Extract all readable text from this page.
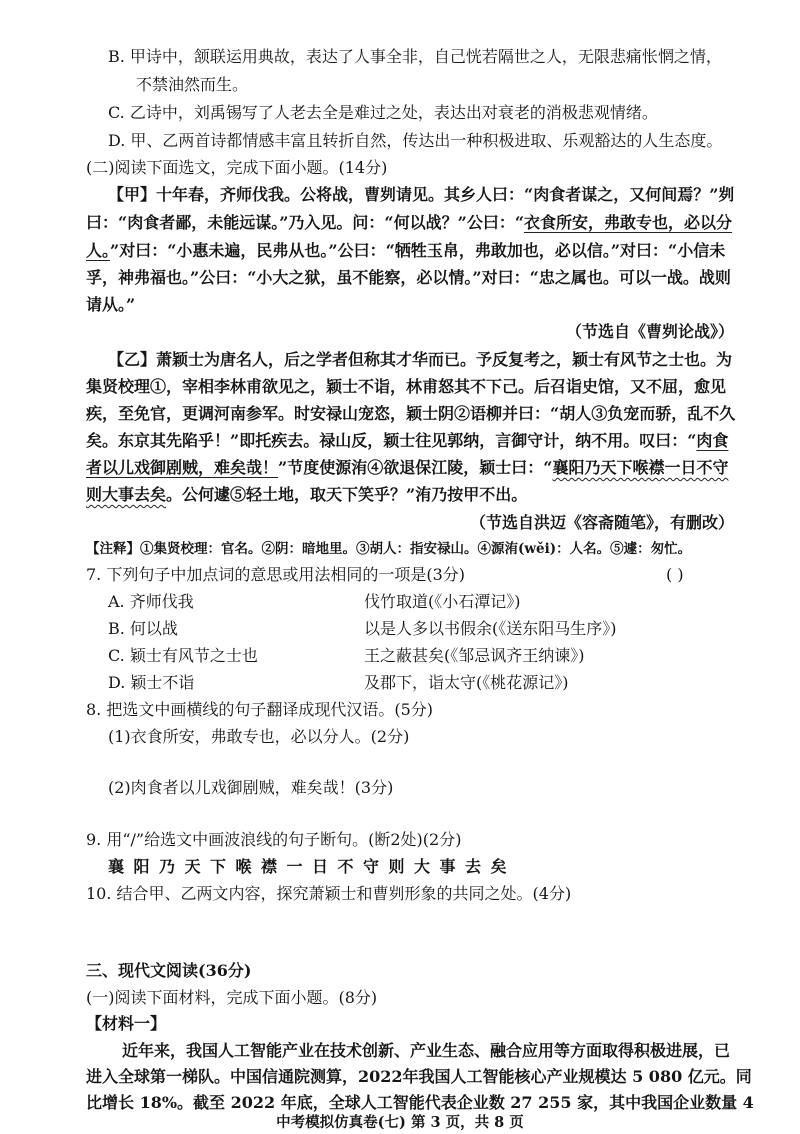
B. 甲诗中，颔联运用典故，表达了人事全非，自己恍若隔世之人，无限悲痛怅惘之情，
不禁油然而生。
C. 乙诗中，刘禹锡写了人老去全是难过之处，表达出对衰老的消极悲观情绪。
D. 甲、乙两首诗都情感丰富且转折自然，传达出一种积极进取、乐观豁达的人生态度。
(二)阅读下面选文，完成下面小题。(14分)
【甲】十年春，齐师伐我。公将战，曹刿请见。其乡人曰：“肉食者谋之，又何间焉？”刿
曰：“肉食者鄙，未能远谋。”乃入见。问：“何以战？”公曰：“衣食所安，弗敢专也，必以分
人。”对曰：“小惠未遍，民弗从也。”公曰：“牺牲玉帛，弗敢加也，必以信。”对曰：“小信未
孚，神弗福也。”公曰：“小大之狱，虽不能察，必以情。”对曰：“忠之属也。可以一战。战则
请从。”
（节选自《曹刿论战》）
【乙】萧颖士为唐名人，后之学者但称其才华而已。予反复考之，颖士有风节之士也。为
集贤校理①，宰相李林甫欲见之，颖士不诣，林甫怒其不下己。后召诣史馆，又不屈，愈见
疾，至免官，更调河南参军。时安禄山宠恣，颖士阴②语柳并曰：“胡人③负宠而骄，乱不久
矣。东京其先陷乎！”即托疾去。禄山反，颖士往见郭纳，言御守计，纳不用。叹曰：“肉食
者以儿戏御剧贼，难矣哉！”节度使源洧④欲退保江陵，颖士曰：“襄阳乃天下喉襟一日不守
则大事去矣。公何遽⑤轻土地，取天下笑乎？”洧乃按甲不出。
（节选自洪迈《容斋随笔》，有删改）
【注释】①集贤校理：官名。②阴：暗地里。③胡人：指安禄山。④源洧(wěi)：人名。⑤遽：匆忙。
7. 下列句子中加点词的意思或用法相同的一项是(3分)	( )
A. 齐师伐我	伐竹取道(《小石潭记》)
B. 何以战	以是人多以书假余(《送东阳马生序》)
C. 颖士有风节之士也	王之蔽甚矣(《邹忌讽齐王纳谏》)
D. 颖士不诣	及郡下，诣太守(《桃花源记》)
8. 把选文中画横线的句子翻译成现代汉语。(5分)
(1)衣食所安，弗敢专也，必以分人。(2分)
(2)肉食者以儿戏御剧贼，难矣哉！(3分)
9. 用“/”给选文中画波浪线的句子断句。(断2处)(2分)
襄阳乃天下喉襟一日不守则大事去矣
10. 结合甲、乙两文内容，探究萧颖士和曹刿形象的共同之处。(4分)
三、现代文阅读(36分)
(一)阅读下面材料，完成下面小题。(8分)
【材料一】
近年来，我国人工智能产业在技术创新、产业生态、融合应用等方面取得积极进展，已
进入全球第一梯队。中国信通院测算，2022年我国人工智能核心产业规模达 5 080 亿元。同
比增长 18%。截至 2022 年底，全球人工智能代表企业数 27 255 家，其中我国企业数量 4
中考模拟仿真卷(七) 第 3 页，共 8 页
